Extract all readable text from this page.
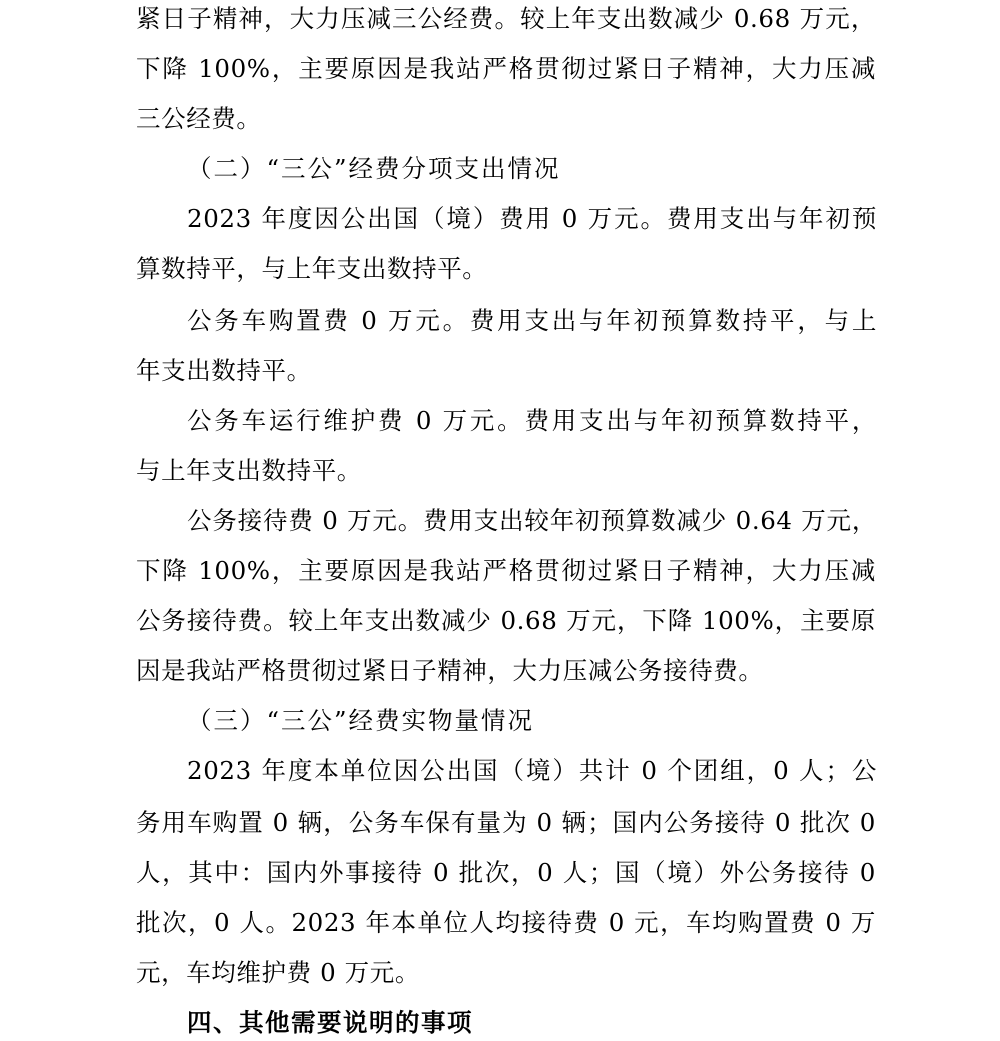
紧日子精神，大力压减三公经费。较上年支出数减少 0.68 万元，
下降 100%，主要原因是我站严格贯彻过紧日子精神，大力压减
三公经费。
（二）“三公”经费分项支出情况
2023 年度因公出国（境）费用 0 万元。费用支出与年初预
算数持平，与上年支出数持平。
公务车购置费 0 万元。费用支出与年初预算数持平，与上
年支出数持平。
公务车运行维护费 0 万元。费用支出与年初预算数持平，
与上年支出数持平。
公务接待费 0 万元。费用支出较年初预算数减少 0.64 万元，
下降 100%，主要原因是我站严格贯彻过紧日子精神，大力压减
公务接待费。较上年支出数减少 0.68 万元，下降 100%，主要原
因是我站严格贯彻过紧日子精神，大力压减公务接待费。
（三）“三公”经费实物量情况
2023 年度本单位因公出国（境）共计 0 个团组，0 人；公
务用车购置 0 辆，公务车保有量为 0 辆；国内公务接待 0 批次 0
人，其中：国内外事接待 0 批次，0 人；国（境）外公务接待 0
批次，0 人。2023 年本单位人均接待费 0 元，车均购置费 0 万
元，车均维护费 0 万元。
四、其他需要说明的事项
